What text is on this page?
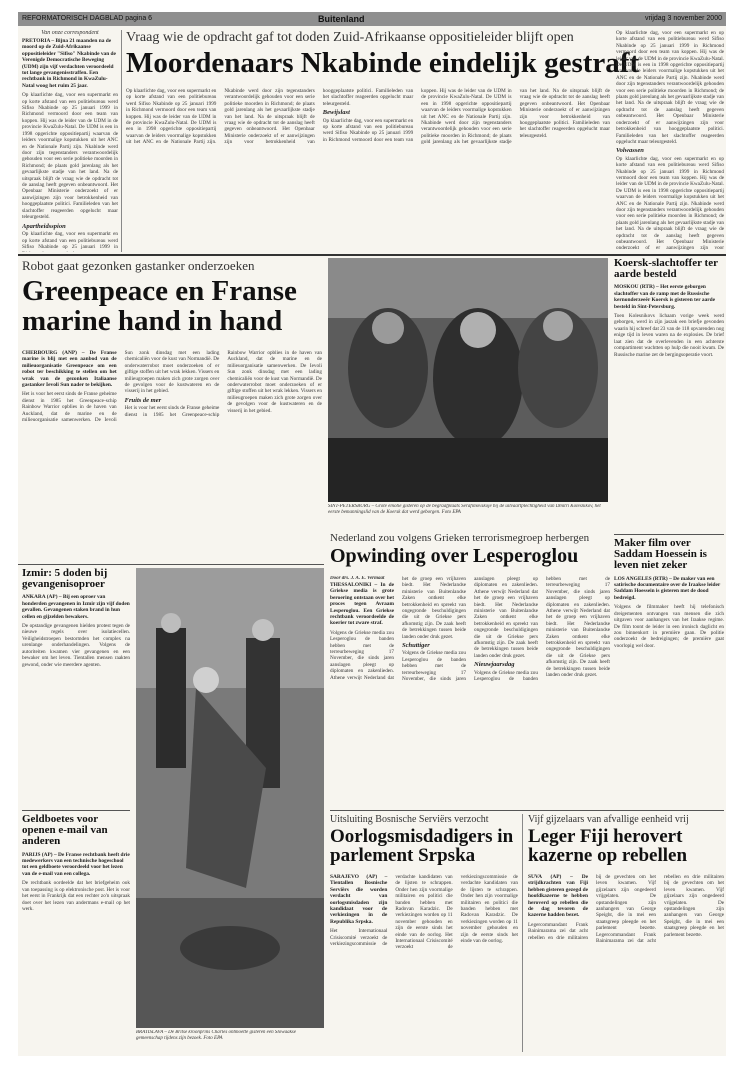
REFORMATORISCH DAGBLAD pagina 6	Buitenland	vrijdag 3 november 2000
Van onze correspondent
PRETORIA – Bijna 21 maanden na de moord op de Zuid-Afrikaanse oppositieleider "Sifiso" Nkabinde van de Verenigde Democratische Beweging (UDM) zijn vijf verdachten veroordeeld tot lange gevangenisstraffen. Een rechtbank in Richmond in KwaZulu-Natal woog het ruim 25 jaar.
Op klaarlichte dag, voor een supermarkt en op korte afstand van een politiebureau werd Sifiso Nkabinde op 25 januari 1999 in Richmond vermoord door een team van koppen. Hij was de leider van de UDM in de provincie KwaZulu-Natal. De UDM is een in 1998 opgerichte oppositiepartij waarvan de leiders voormalige kopstukken uit het ANC en de Nationale Partij zijn. Nkabinde werd door zijn tegenstanders verantwoordelijk gehouden voor een serie politieke moorden in Richmond; de plaats gold jarenlang als het gevaarlijkste stadje van het land. Na de uitspraak blijft de vraag wie de opdracht tot de aanslag heeft gegeven onbeantwoord. Het Openbaar Ministerie onderzoekt of er aanwijzingen zijn voor betrokkenheid van hooggeplaatste politici. Familieleden van het slachtoffer reageerden opgelucht maar teleurgesteld.
Apartheidsspion
Op klaarlichte dag, voor een supermarkt en op korte afstand van een politiebureau werd Sifiso Nkabinde op 25 januari 1999 in
Vraag wie de opdracht gaf tot doden Zuid-Afrikaanse oppositieleider blijft open
Moordenaars Nkabinde eindelijk gestraft
Op klaarlichte dag, voor een supermarkt en op korte afstand van een politiebureau werd Sifiso Nkabinde op 25 januari 1999 in Richmond vermoord door een team van koppen. Hij was de leider van de UDM in de provincie KwaZulu-Natal. De UDM is een in 1998 opgerichte oppositiepartij waarvan de leiders voormalige kopstukken uit het ANC en de Nationale Partij zijn. Nkabinde werd door zijn tegenstanders verantwoordelijk gehouden voor een serie politieke moorden in Richmond; de plaats gold jarenlang als het gevaarlijkste stadje van het land. Na de uitspraak blijft de vraag wie de opdracht tot de aanslag heeft gegeven onbeantwoord. Het Openbaar Ministerie onderzoekt of er aanwijzingen zijn voor betrokkenheid van hooggeplaatste politici. Familieleden van het slachtoffer reageerden opgelucht maar teleurgesteld.
Bewijslast
Op klaarlichte dag, voor een supermarkt en op korte afstand van een politiebureau werd Sifiso Nkabinde op 25 januari 1999 in Richmond vermoord door een team van koppen. Hij was de leider van de UDM in de provincie KwaZulu-Natal. De UDM is een in 1998 opgerichte oppositiepartij waarvan de leiders voormalige kopstukken uit het ANC en de Nationale Partij zijn. Nkabinde werd door zijn tegenstanders verantwoordelijk gehouden voor een serie politieke moorden in Richmond; de plaats gold jarenlang als het gevaarlijkste stadje van het land. Na de uitspraak blijft de vraag wie de opdracht tot de aanslag heeft gegeven onbeantwoord. Het Openbaar Ministerie onderzoekt of er aanwijzingen zijn voor betrokkenheid van hooggeplaatste politici. Familieleden van het slachtoffer reageerden opgelucht maar teleurgesteld.
Op klaarlichte dag, voor een supermarkt en op korte afstand van een politiebureau werd Sifiso Nkabinde op 25 januari 1999 in Richmond vermoord door een team van koppen. Hij was de leider van de UDM in de provincie KwaZulu-Natal. De UDM is een in 1998 opgerichte oppositiepartij waarvan de leiders voormalige kopstukken uit het ANC en de Nationale Partij zijn. Nkabinde werd door zijn tegenstanders verantwoordelijk gehouden voor een serie politieke moorden in Richmond; de plaats gold jarenlang als het gevaarlijkste stadje van het land. Na de uitspraak blijft de vraag wie de opdracht tot de aanslag heeft gegeven onbeantwoord. Het Openbaar Ministerie onderzoekt of er aanwijzingen zijn voor betrokkenheid van hooggeplaatste politici. Familieleden van het slachtoffer reageerden opgelucht maar teleurgesteld.
Volwassen
Op klaarlichte dag, voor een supermarkt en op korte afstand van een politiebureau werd Sifiso Nkabinde op 25 januari 1999 in Richmond vermoord door een team van koppen. Hij was de leider van de UDM in de provincie KwaZulu-Natal. De UDM is een in 1998 opgerichte oppositiepartij waarvan de leiders voormalige kopstukken uit het ANC en de Nationale Partij zijn. Nkabinde werd door zijn tegenstanders verantwoordelijk gehouden voor een serie politieke moorden in Richmond; de plaats gold jarenlang als het gevaarlijkste stadje van het land. Na de uitspraak blijft de vraag wie de opdracht tot de aanslag heeft gegeven onbeantwoord. Het Openbaar Ministerie onderzoekt of er aanwijzingen zijn voor
Robot gaat gezonken gastanker onderzoeken
Greenpeace en Franse marine hand in hand
CHERBOURG (ANP) – De Franse marine is blij met een aanbod van de milieuorganisatie Greenpeace om een robot ter beschikking te stellen om het wrak van de gezonken Italiaanse gastanker Ievoli Sun nader te bekijken.
Het is voor het eerst sinds de Franse geheime dienst in 1985 het Greenpeace-schip Rainbow Warrior opblies in de haven van Auckland, dat de marine en de milieuorganisatie samenwerken. De Ievoli Sun zonk dinsdag met een lading chemicaliën voor de kust van Normandië. De onderwaterrobot moet onderzoeken of er giftige stoffen uit het wrak lekken. Vissers en milieugroepen maken zich grote zorgen over de gevolgen voor de kustwateren en de visserij in het gebied.
Fruits de mer
Het is voor het eerst sinds de Franse geheime dienst in 1985 het Greenpeace-schip Rainbow Warrior opblies in de haven van Auckland, dat de marine en de milieuorganisatie samenwerken. De Ievoli Sun zonk dinsdag met een lading chemicaliën voor de kust van Normandië. De onderwaterrobot moet onderzoeken of er giftige stoffen uit het wrak lekken. Vissers en milieugroepen maken zich grote zorgen over de gevolgen voor de kustwateren en de visserij in het gebied.
SINT-PETERSBURG – Grote emotie gisteren op de begraafplaats Serafimovskoje bij de uitvaartplechtigheid van Dmitri Kolesnikov, het eerste bemanningslid van de Koersk dat werd geborgen. Foto EPA
Koersk-slachtoffer ter aarde besteld
MOSKOU (RTR) – Het eerste geborgen slachtoffer van de ramp met de Russische kernonderzeeër Koersk is gisteren ter aarde besteld in Sint-Petersburg.
Toen Kolesnikovs lichaam vorige week werd geborgen, werd in zijn jaszak een briefje gevonden waarin hij schreef dat 23 van de 118 opvarenden nog enige tijd in leven waren na de explosies. De brief laat zien dat de overlevenden in een achterste compartiment wachtten op hulp die nooit kwam. De Russische marine zet de bergingsoperatie voort.
Maker film over Saddam Hoessein is leven niet zeker
LOS ANGELES (RTR) – De maker van een satirische documentaire over de Iraakse leider Saddam Hoessein is gisteren met de dood bedreigd.
Volgens de filmmaker heeft hij telefonisch dreigementen ontvangen van mensen die zich uitgaven voor aanhangers van het Iraakse regime. De film toont de leider in een ironisch daglicht en zou binnenkort in première gaan. De politie onderzoekt de bedreigingen; de première gaat voorlopig wel door.
Izmir: 5 doden bij gevangenisoproer
ANKARA (AP) – Bij een oproer van honderden gevangenen in Izmir zijn vijf doden gevallen. Gevangenen staken brand in hun cellen en gijzelden bewakers.
De opstandige gevangenen hielden protest tegen de nieuwe regels over isolatiecellen. Veiligheidstroepen bestormden het complex na urenlange onderhandelingen. Volgens de autoriteiten kwamen vier gevangenen en een bewaker om het leven. Tientallen mensen raakten gewond, onder wie meerdere agenten.
Geldboetes voor openen e-mail van anderen
PARIJS (AP) – De Franse rechtbank heeft drie medewerkers van een technische hogeschool tot een geldboete veroordeeld voor het lezen van de e-mail van een collega.
De rechtbank oordeelde dat het briefgeheim ook van toepassing is op elektronische post. Het is voor het eerst in Frankrijk dat een rechter zo'n uitspraak doet over het lezen van andermans e-mail op het werk.
BRATISLAVA – De Britse kroonprins Charles ontmoette gisteren een Slowaakse gemeenschap tijdens zijn bezoek. Foto EPA
Nederland zou volgens Grieken terrorismegroep herbergen
Opwinding over Lesperoglou
Door drs. J. A. E. Vermaat
THESSALONIKI – In de Griekse media is grote beroering ontstaan over het proces tegen Avraam Lesperoglou. Een Griekse rechtbank veroordeelde de koerier tot zware straf.
Volgens de Griekse media zou Lesperoglou de banden hebben met de terreurbeweging 17 November, die sinds jaren aanslagen pleegt op diplomaten en zakenlieden. Athene verwijt Nederland dat het de groep een vrijhaven biedt. Het Nederlandse ministerie van Buitenlandse Zaken ontkent elke betrokkenheid en spreekt van ongegronde beschuldigingen die uit de Griekse pers afkomstig zijn. De zaak heeft de betrekkingen tussen beide landen onder druk gezet.
Schuttiger
Volgens de Griekse media zou Lesperoglou de banden hebben met de terreurbeweging 17 November, die sinds jaren aanslagen pleegt op diplomaten en zakenlieden. Athene verwijt Nederland dat het de groep een vrijhaven biedt. Het Nederlandse ministerie van Buitenlandse Zaken ontkent elke betrokkenheid en spreekt van ongegronde beschuldigingen die uit de Griekse pers afkomstig zijn. De zaak heeft de betrekkingen tussen beide landen onder druk gezet.
Nieuwjaarsdag
Volgens de Griekse media zou Lesperoglou de banden hebben met de terreurbeweging 17 November, die sinds jaren aanslagen pleegt op diplomaten en zakenlieden. Athene verwijt Nederland dat het de groep een vrijhaven biedt. Het Nederlandse ministerie van Buitenlandse Zaken ontkent elke betrokkenheid en spreekt van ongegronde beschuldigingen die uit de Griekse pers afkomstig zijn. De zaak heeft de betrekkingen tussen beide landen onder druk gezet.
Uitsluiting Bosnische Serviërs verzocht
Oorlogsmisdadigers in parlement Srpska
SARAJEVO (AP) – Tientallen Bosnische Serviërs die worden verdacht van oorlogsmisdaden zijn kandidaat voor de verkiezingen in de Republika Srpska.
Het Internationaal Crisiscomité verzoekt de verkiezingscommissie de verdachte kandidaten van de lijsten te schrappen. Onder hen zijn voormalige militairen en politici die banden hebben met Radovan Karadzic. De verkiezingen worden op 11 november gehouden en zijn de eerste sinds het einde van de oorlog. Het Internationaal Crisiscomité verzoekt de verkiezingscommissie de verdachte kandidaten van de lijsten te schrappen. Onder hen zijn voormalige militairen en politici die banden hebben met Radovan Karadzic. De verkiezingen worden op 11 november gehouden en zijn de eerste sinds het einde van de oorlog.
Vijf gijzelaars van afvallige eenheid vrij
Leger Fiji herovert kazerne op rebellen
SUVA (AP) – De strijdkrachten van Fiji hebben gisteren gezegd de hoofdkazerne te hebben heroverd op rebellen die de dag tevoren de kazerne hadden bezet.
Legercommandant Frank Bainimarama zei dat acht rebellen en drie militairen bij de gevechten om het leven kwamen. Vijf gijzelaars zijn ongedeerd vrijgelaten. De opstandelingen zijn aanhangers van George Speight, die in mei een staatsgreep pleegde en het parlement bezette. Legercommandant Frank Bainimarama zei dat acht rebellen en drie militairen bij de gevechten om het leven kwamen. Vijf gijzelaars zijn ongedeerd vrijgelaten. De opstandelingen zijn aanhangers van George Speight, die in mei een staatsgreep pleegde en het parlement bezette.
